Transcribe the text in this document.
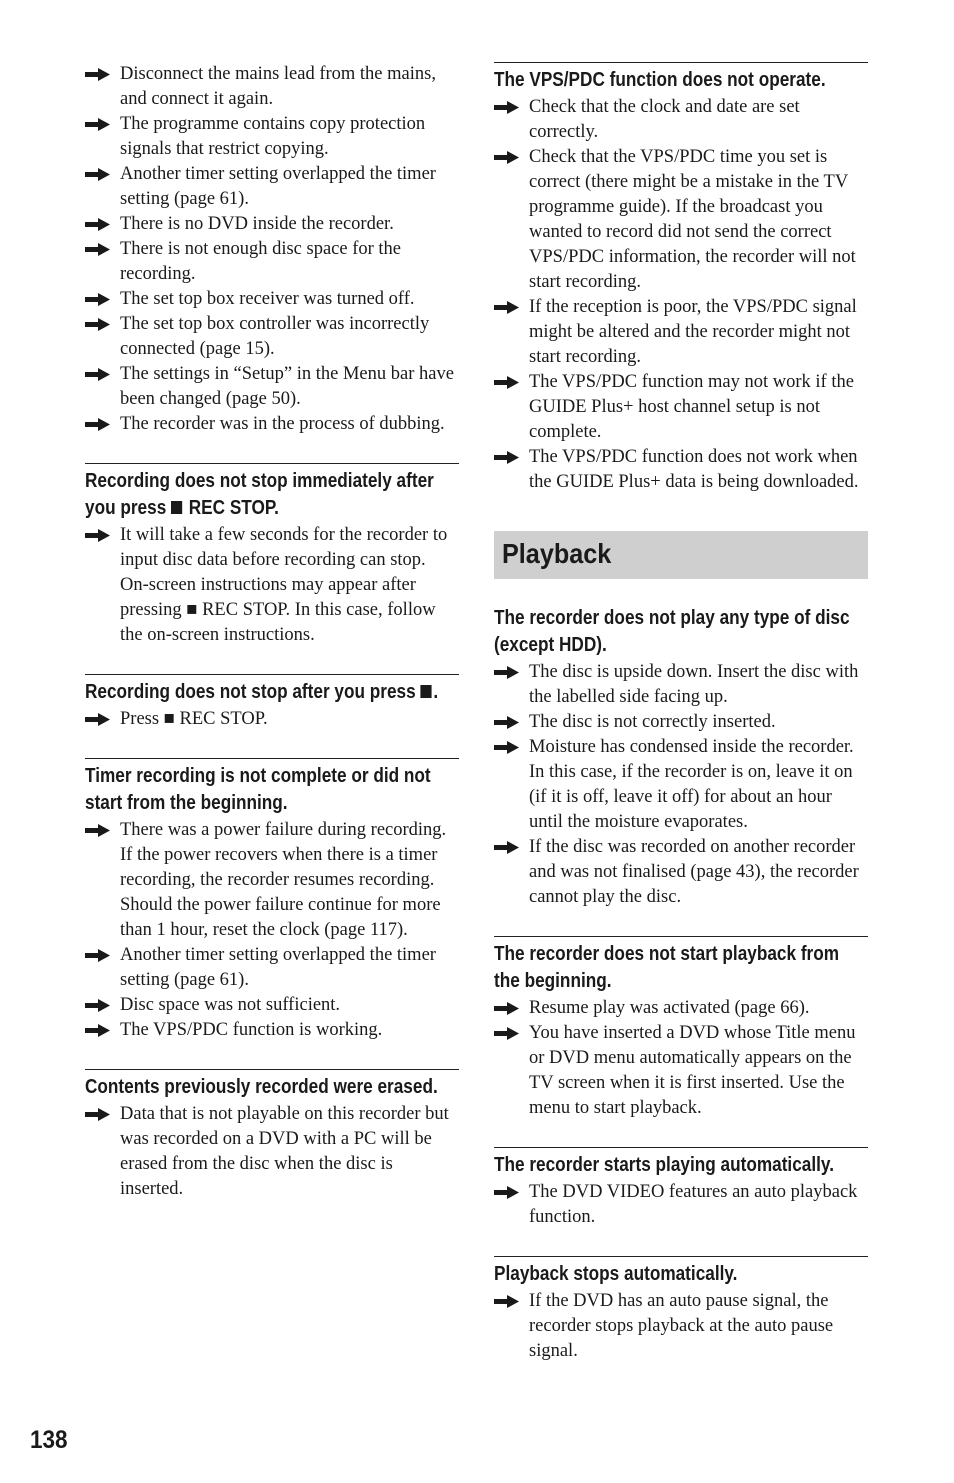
Disconnect the mains lead from the mains, and connect it again.
The programme contains copy protection signals that restrict copying.
Another timer setting overlapped the timer setting (page 61).
There is no DVD inside the recorder.
There is not enough disc space for the recording.
The set top box receiver was turned off.
The set top box controller was incorrectly connected (page 15).
The settings in “Setup” in the Menu bar have been changed (page 50).
The recorder was in the process of dubbing.
Recording does not stop immediately after you press  REC STOP.
It will take a few seconds for the recorder to input disc data before recording can stop.
On-screen instructions may appear after pressing ■ REC STOP. In this case, follow the on-screen instructions.
Recording does not stop after you press .
Press ■ REC STOP.
Timer recording is not complete or did not start from the beginning.
There was a power failure during recording. If the power recovers when there is a timer recording, the recorder resumes recording.
Should the power failure continue for more than 1 hour, reset the clock (page 117).
Another timer setting overlapped the timer setting (page 61).
Disc space was not sufficient.
The VPS/PDC function is working.
Contents previously recorded were erased.
Data that is not playable on this recorder but was recorded on a DVD with a PC will be erased from the disc when the disc is inserted.
The VPS/PDC function does not operate.
Check that the clock and date are set correctly.
Check that the VPS/PDC time you set is correct (there might be a mistake in the TV programme guide). If the broadcast you wanted to record did not send the correct VPS/PDC information, the recorder will not start recording.
If the reception is poor, the VPS/PDC signal might be altered and the recorder might not start recording.
The VPS/PDC function may not work if the GUIDE Plus+ host channel setup is not complete.
The VPS/PDC function does not work when the GUIDE Plus+ data is being downloaded.
Playback
The recorder does not play any type of disc (except HDD).
The disc is upside down. Insert the disc with the labelled side facing up.
The disc is not correctly inserted.
Moisture has condensed inside the recorder. In this case, if the recorder is on, leave it on (if it is off, leave it off) for about an hour until the moisture evaporates.
If the disc was recorded on another recorder and was not finalised (page 43), the recorder cannot play the disc.
The recorder does not start playback from the beginning.
Resume play was activated (page 66).
You have inserted a DVD whose Title menu or DVD menu automatically appears on the TV screen when it is first inserted. Use the menu to start playback.
The recorder starts playing automatically.
The DVD VIDEO features an auto playback function.
Playback stops automatically.
If the DVD has an auto pause signal, the recorder stops playback at the auto pause signal.
138
